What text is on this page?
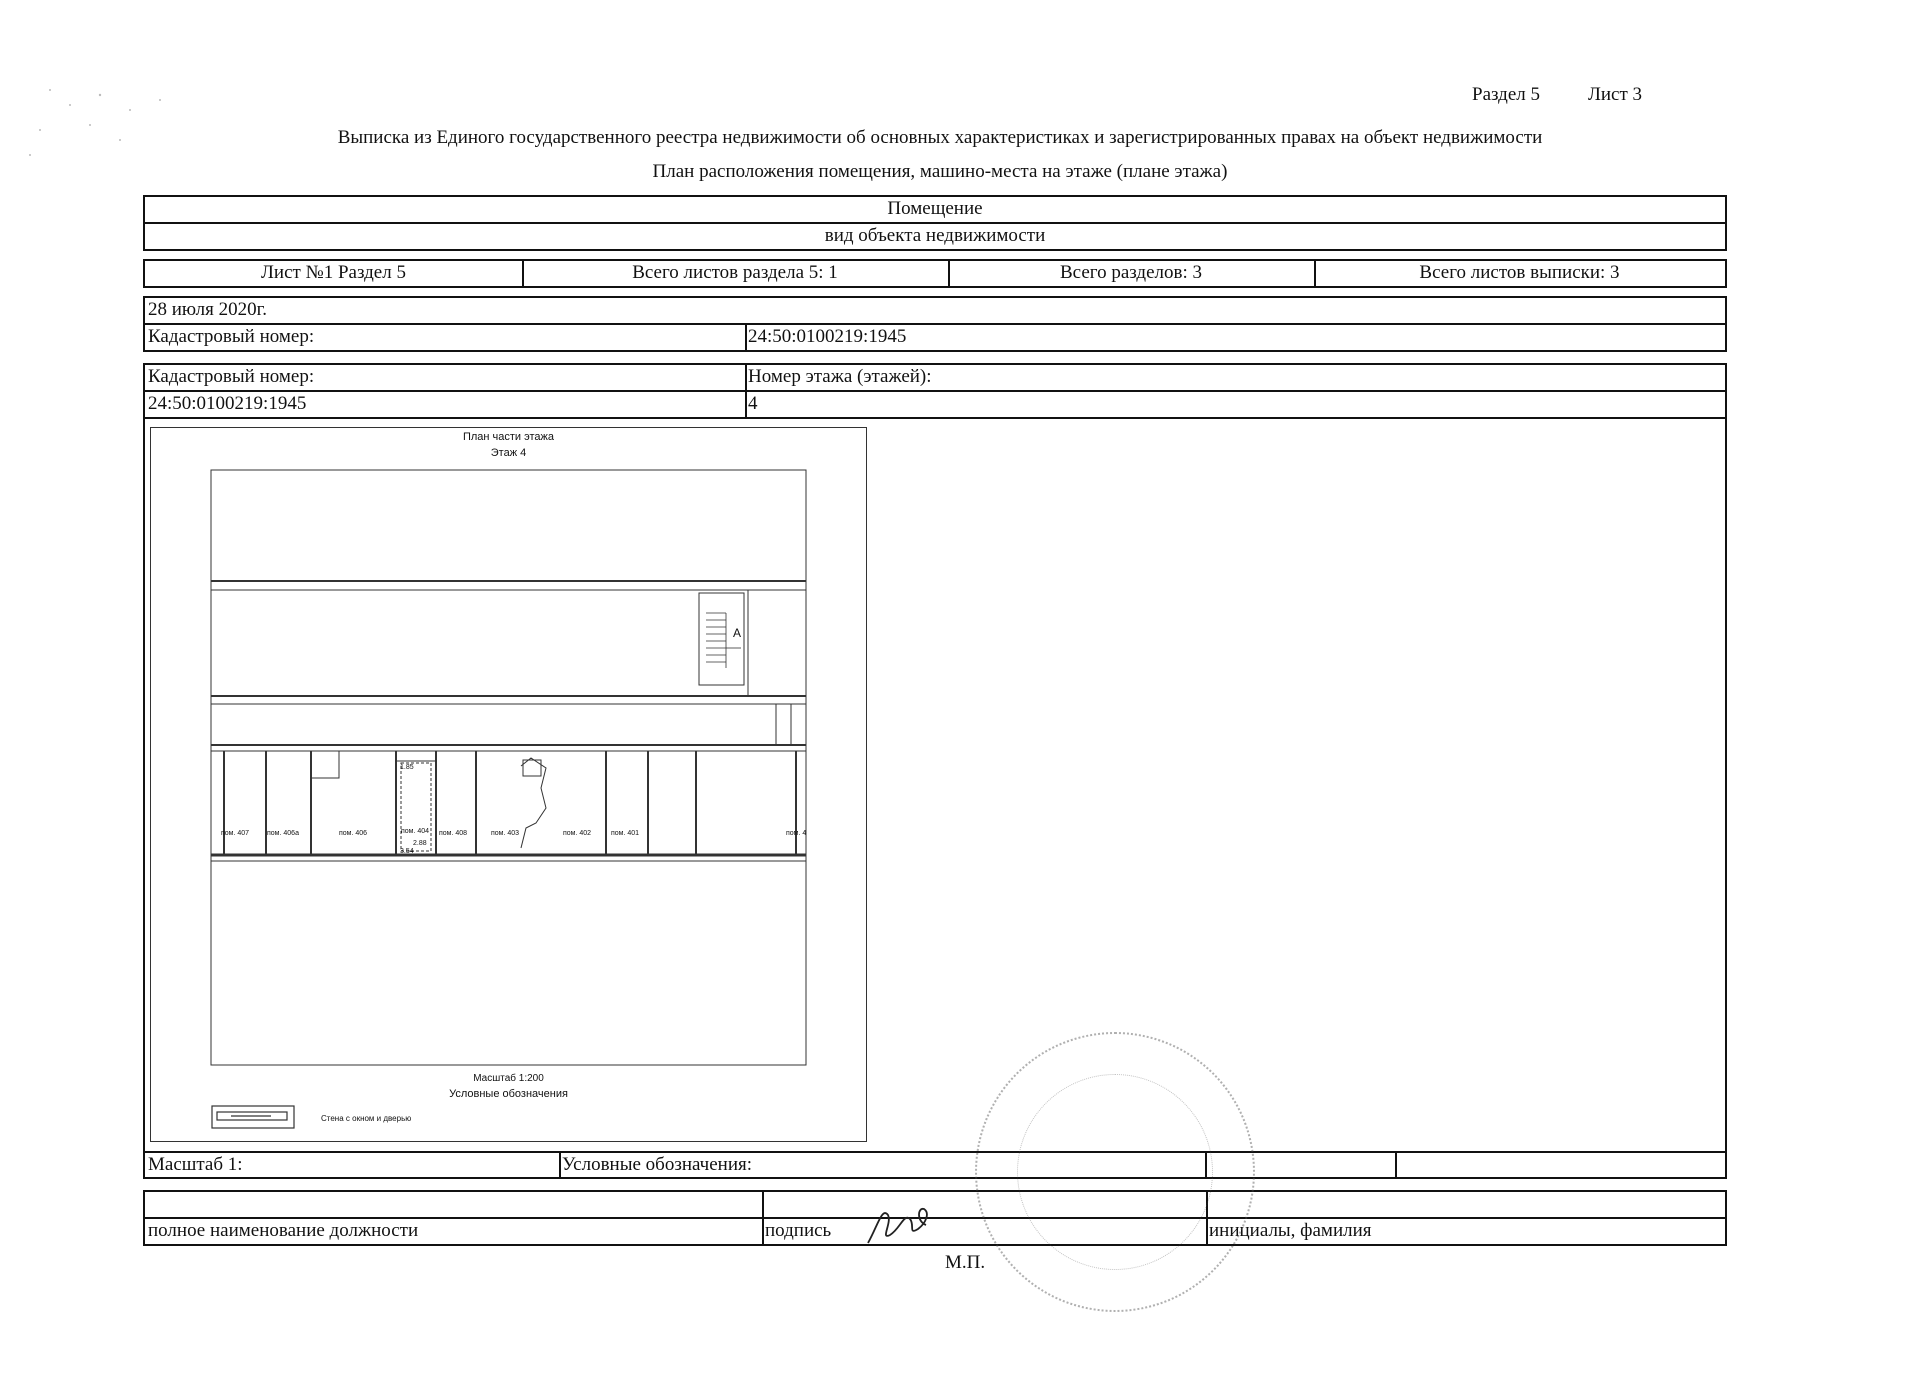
Раздел 5	Лист 3
Выписка из Единого государственного реестра недвижимости об основных характеристиках и зарегистрированных правах на объект недвижимости
План расположения помещения, машино-места на этаже (плане этажа)
Помещение
вид объекта недвижимости
Лист №1 Раздел 5	Всего листов раздела 5: 1	Всего разделов: 3	Всего листов выписки: 3
28 июля 2020г.
Кадастровый номер:	24:50:0100219:1945
Кадастровый номер:	Номер этажа (этажей):
24:50:0100219:1945	4
Масштаб 1:	Условные обозначения:
План части этажа
Этаж 4
пом. 407	пом. 406а	пом. 406	пом. 404 пом. 408	пом. 403	пом. 402	пом. 401	пом. 4
1.85
3.54
2.88
A
Масштаб 1:200
Условные обозначения
Стена с окном и дверью
полное наименование должности	подпись	инициалы, фамилия
М.П.
